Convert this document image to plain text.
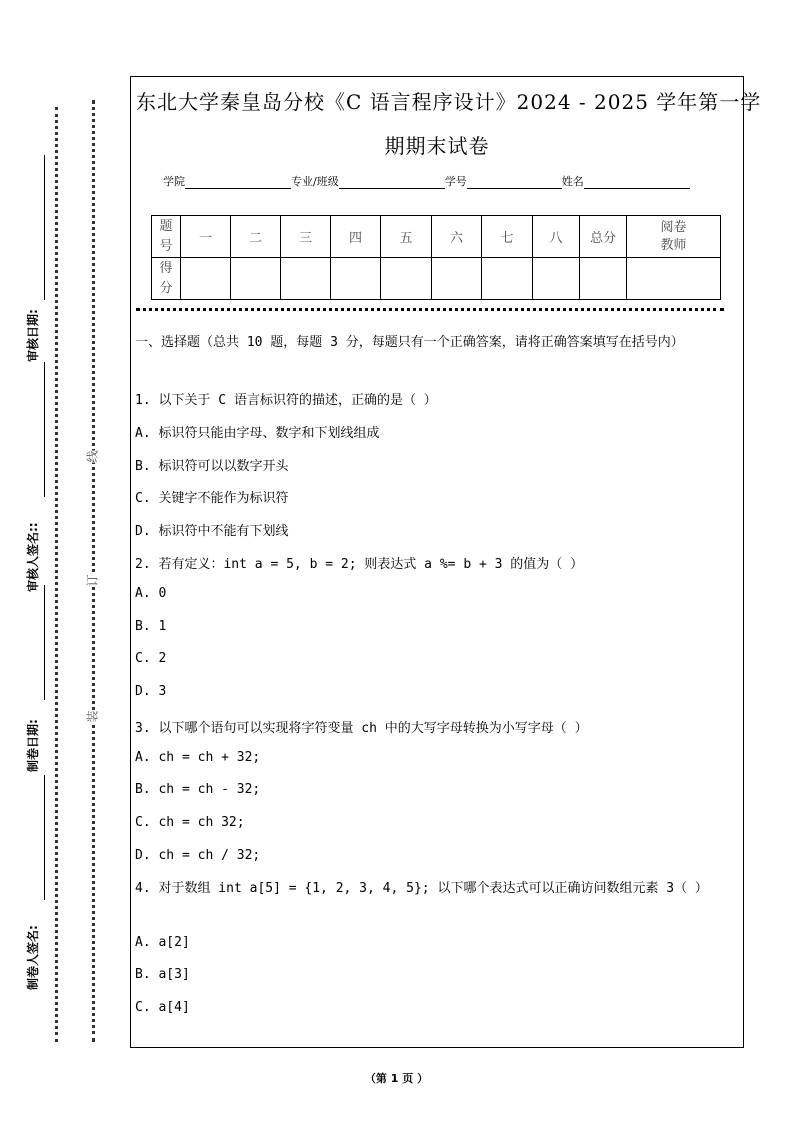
审核日期:
审核人签名::
制卷日期:
制卷人签名:
线
订
装
东北大学秦皇岛分校《C 语言程序设计》2024 - 2025 学年第一学
期期末试卷
学院	专业/班级	学号	姓名
题号	一	二	三	四	五	六	七	八	总分	阅卷教师
得分										
一、选择题（总共 10 题，每题 3 分，每题只有一个正确答案，请将正确答案填写在括号内）
1. 以下关于 C 语言标识符的描述，正确的是（ ）
A. 标识符只能由字母、数字和下划线组成
B. 标识符可以以数字开头
C. 关键字不能作为标识符
D. 标识符中不能有下划线
2. 若有定义：int a = 5, b = 2; 则表达式 a %= b + 3 的值为（ ）
A. 0
B. 1
C. 2
D. 3
3. 以下哪个语句可以实现将字符变量 ch 中的大写字母转换为小写字母（ ）
A. ch = ch + 32;
B. ch = ch - 32;
C. ch = ch 32;
D. ch = ch / 32;
4. 对于数组 int a[5] = {1, 2, 3, 4, 5}; 以下哪个表达式可以正确访问数组元素 3（ ）
A. a[2]
B. a[3]
C. a[4]
（第 1 页 ）
